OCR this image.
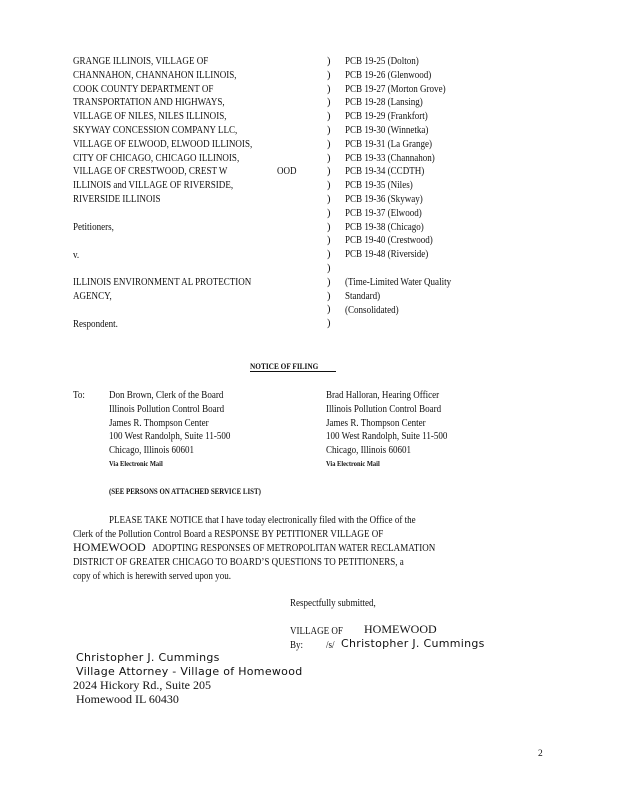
GRANGE ILLINOIS, VILLAGE OF
CHANNAHON, CHANNAHON ILLINOIS,
COOK COUNTY DEPARTMENT OF
TRANSPORTATION AND HIGHWAYS,
VILLAGE OF NILES, NILES ILLINOIS,
SKYWAY CONCESSION COMPANY LLC,
VILLAGE OF ELWOOD, ELWOOD ILLINOIS,
CITY OF CHICAGO, CHICAGO ILLINOIS,
VILLAGE OF CRESTWOOD, CREST W
ILLINOIS and VILLAGE OF RIVERSIDE,
RIVERSIDE ILLINOIS
OOD
Petitioners,
v.
ILLINOIS ENVIRONMENT AL PROTECTION
AGENCY,
Respondent.
)
)
)
)
)
)
)
)
)
)
)
)
)
)
)
)
)
)
)
)
PCB 19-25 (Dolton)
PCB 19-26 (Glenwood)
PCB 19-27 (Morton Grove)
PCB 19-28 (Lansing)
PCB 19-29 (Frankfort)
PCB 19-30 (Winnetka)
PCB 19-31 (La Grange)
PCB 19-33 (Channahon)
PCB 19-34 (CCDTH)
PCB 19-35 (Niles)
PCB 19-36 (Skyway)
PCB 19-37 (Elwood)
PCB 19-38 (Chicago)
PCB 19-40 (Crestwood)
PCB 19-48 (Riverside)
(Time-Limited Water Quality
Standard)
(Consolidated)
NOTICE OF FILING
To: Don Brown, Clerk of the Board
Illinois Pollution Control Board
James R. Thompson Center
100 West Randolph, Suite 11-500
Chicago, Illinois 60601
Via Electronic Mail
Brad Halloran, Hearing Officer
Illinois Pollution Control Board
James R. Thompson Center
100 West Randolph, Suite 11-500
Chicago, Illinois 60601
Via Electronic Mail
(SEE PERSONS ON ATTACHED SERVICE LIST)
PLEASE TAKE NOTICE that I have today electronically filed with the Office of the
Clerk of the Pollution Control Board a RESPONSE BY PETITIONER VILLAGE OF
HOMEWOOD ADOPTING RESPONSES OF METROPOLITAN WATER RECLAMATION
DISTRICT OF GREATER CHICAGO TO BOARD’S QUESTIONS TO PETITIONERS, a
copy of which is herewith served upon you.
Respectfully submitted,
VILLAGE OF HOMEWOOD
By: /s/ Christopher J. Cummings
Christopher J. Cummings
Village Attorney - Village of Homewood
2024 Hickory Rd., Suite 205
Homewood IL 60430
2
